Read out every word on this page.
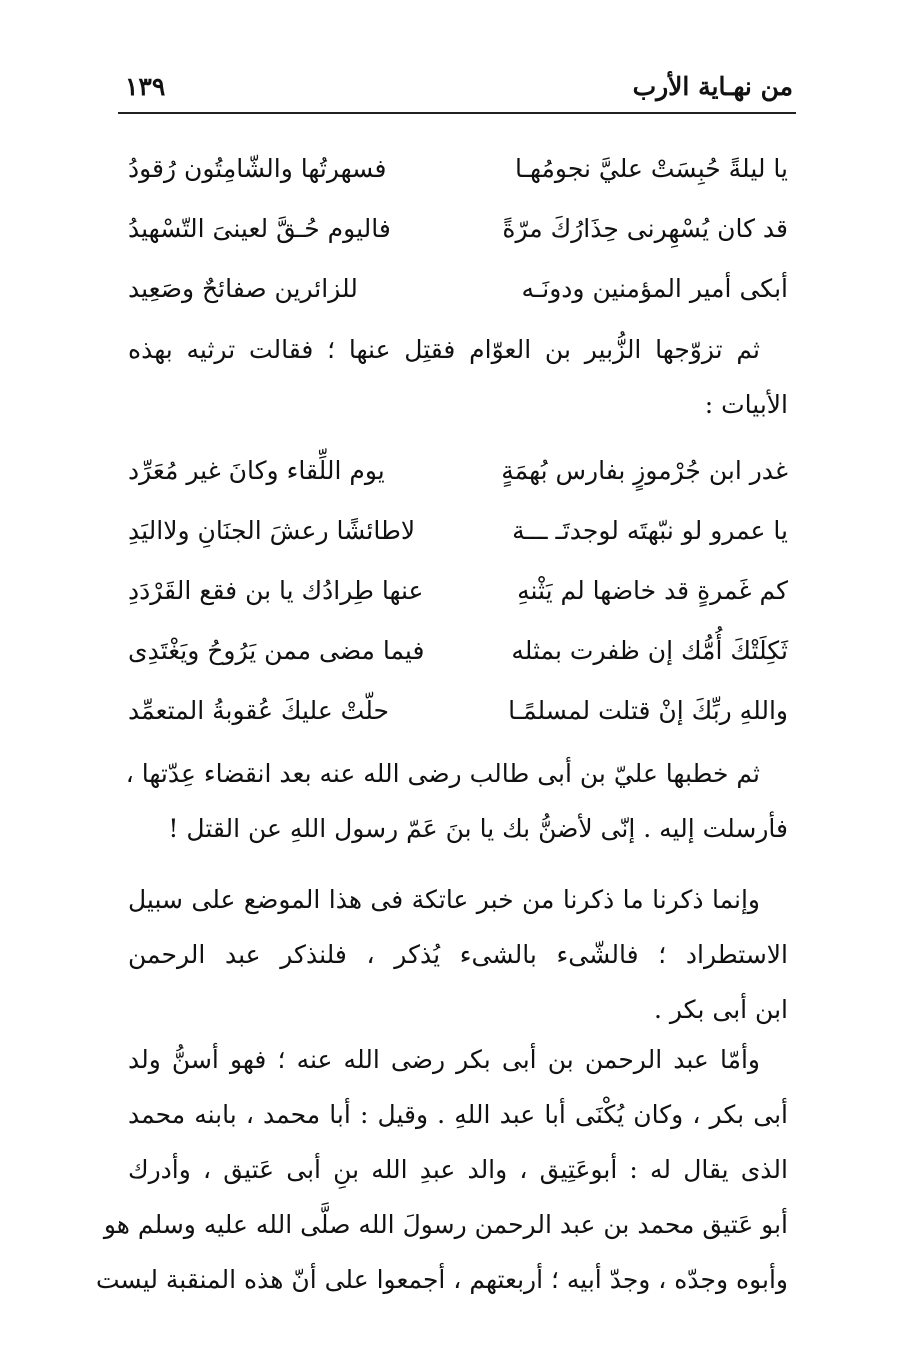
من نهـاية الأرب
١٣٩
يا ليلةً حُبِسَتْ عليَّ نجومُهـا
فسهرتُها والشّامِتُون رُقودُ
قد كان يُسْهِرنى حِذَارُكَ مرّةً
فاليوم حُـقَّ لعينىَ التّسْهيدُ
أبكى أمير المؤمنين ودونَـه
للزائرين صفائحٌ وصَعِيد
ثم تزوّجها الزُّبير بن العوّام فقتِل عنها ؛ فقالت ترثيه بهذه
الأبيات :
غدر ابن جُرْموزٍ بفارس بُهمَةٍ
يوم اللِّقاء وكانَ غير مُعَرِّد
يا عمرو لو نبّهتَه لوجدتَـ ـــة
لاطائشًا رعشَ الجنَانِ ولااليَدِ
كم غَمرةٍ قد خاضها لم يَثْنهِ
عنها طِرادُك يا بن فقع القَرْدَدِ
ثَكِلَتْكَ أُمُّك إن ظفرت بمثله
فيما مضى ممن يَرُوحُ ويَغْتَدِى
واللهِ ربِّكَ إنْ قتلت لمسلمًـا
حلّتْ عليكَ عُقوبةُ المتعمِّد
ثم خطبها عليّ بن أبى طالب رضى الله عنه بعد انقضاء عِدّتها ،
فأرسلت إليه . إنّى لأضنُّ بك يا بنَ عَمّ رسول اللهِ عن القتل !
وإنما ذكرنا ما ذكرنا من خبر عاتكة فى هذا الموضع على سبيل
الاستطراد ؛ فالشّىء بالشىء يُذكر ، فلنذكر عبد الرحمن
ابن أبى بكر .
وأمّا عبد الرحمن بن أبى بكر رضى الله عنه ؛ فهو أسنُّ ولد
أبى بكر ، وكان يُكْنَى أبا عبد اللهِ . وقيل : أبا محمد ، بابنه محمد
الذى يقال له : أبوعَتِيق ، والد عبدِ الله بنِ أبى عَتيق ، وأدرك
أبو عَتيق محمد بن عبد الرحمن رسولَ الله صلَّى الله عليه وسلم هو
وأبوه وجدّه ، وجدّ أبيه ؛ أربعتهم ، أجمعوا على أنّ هذه المنقبة ليست
